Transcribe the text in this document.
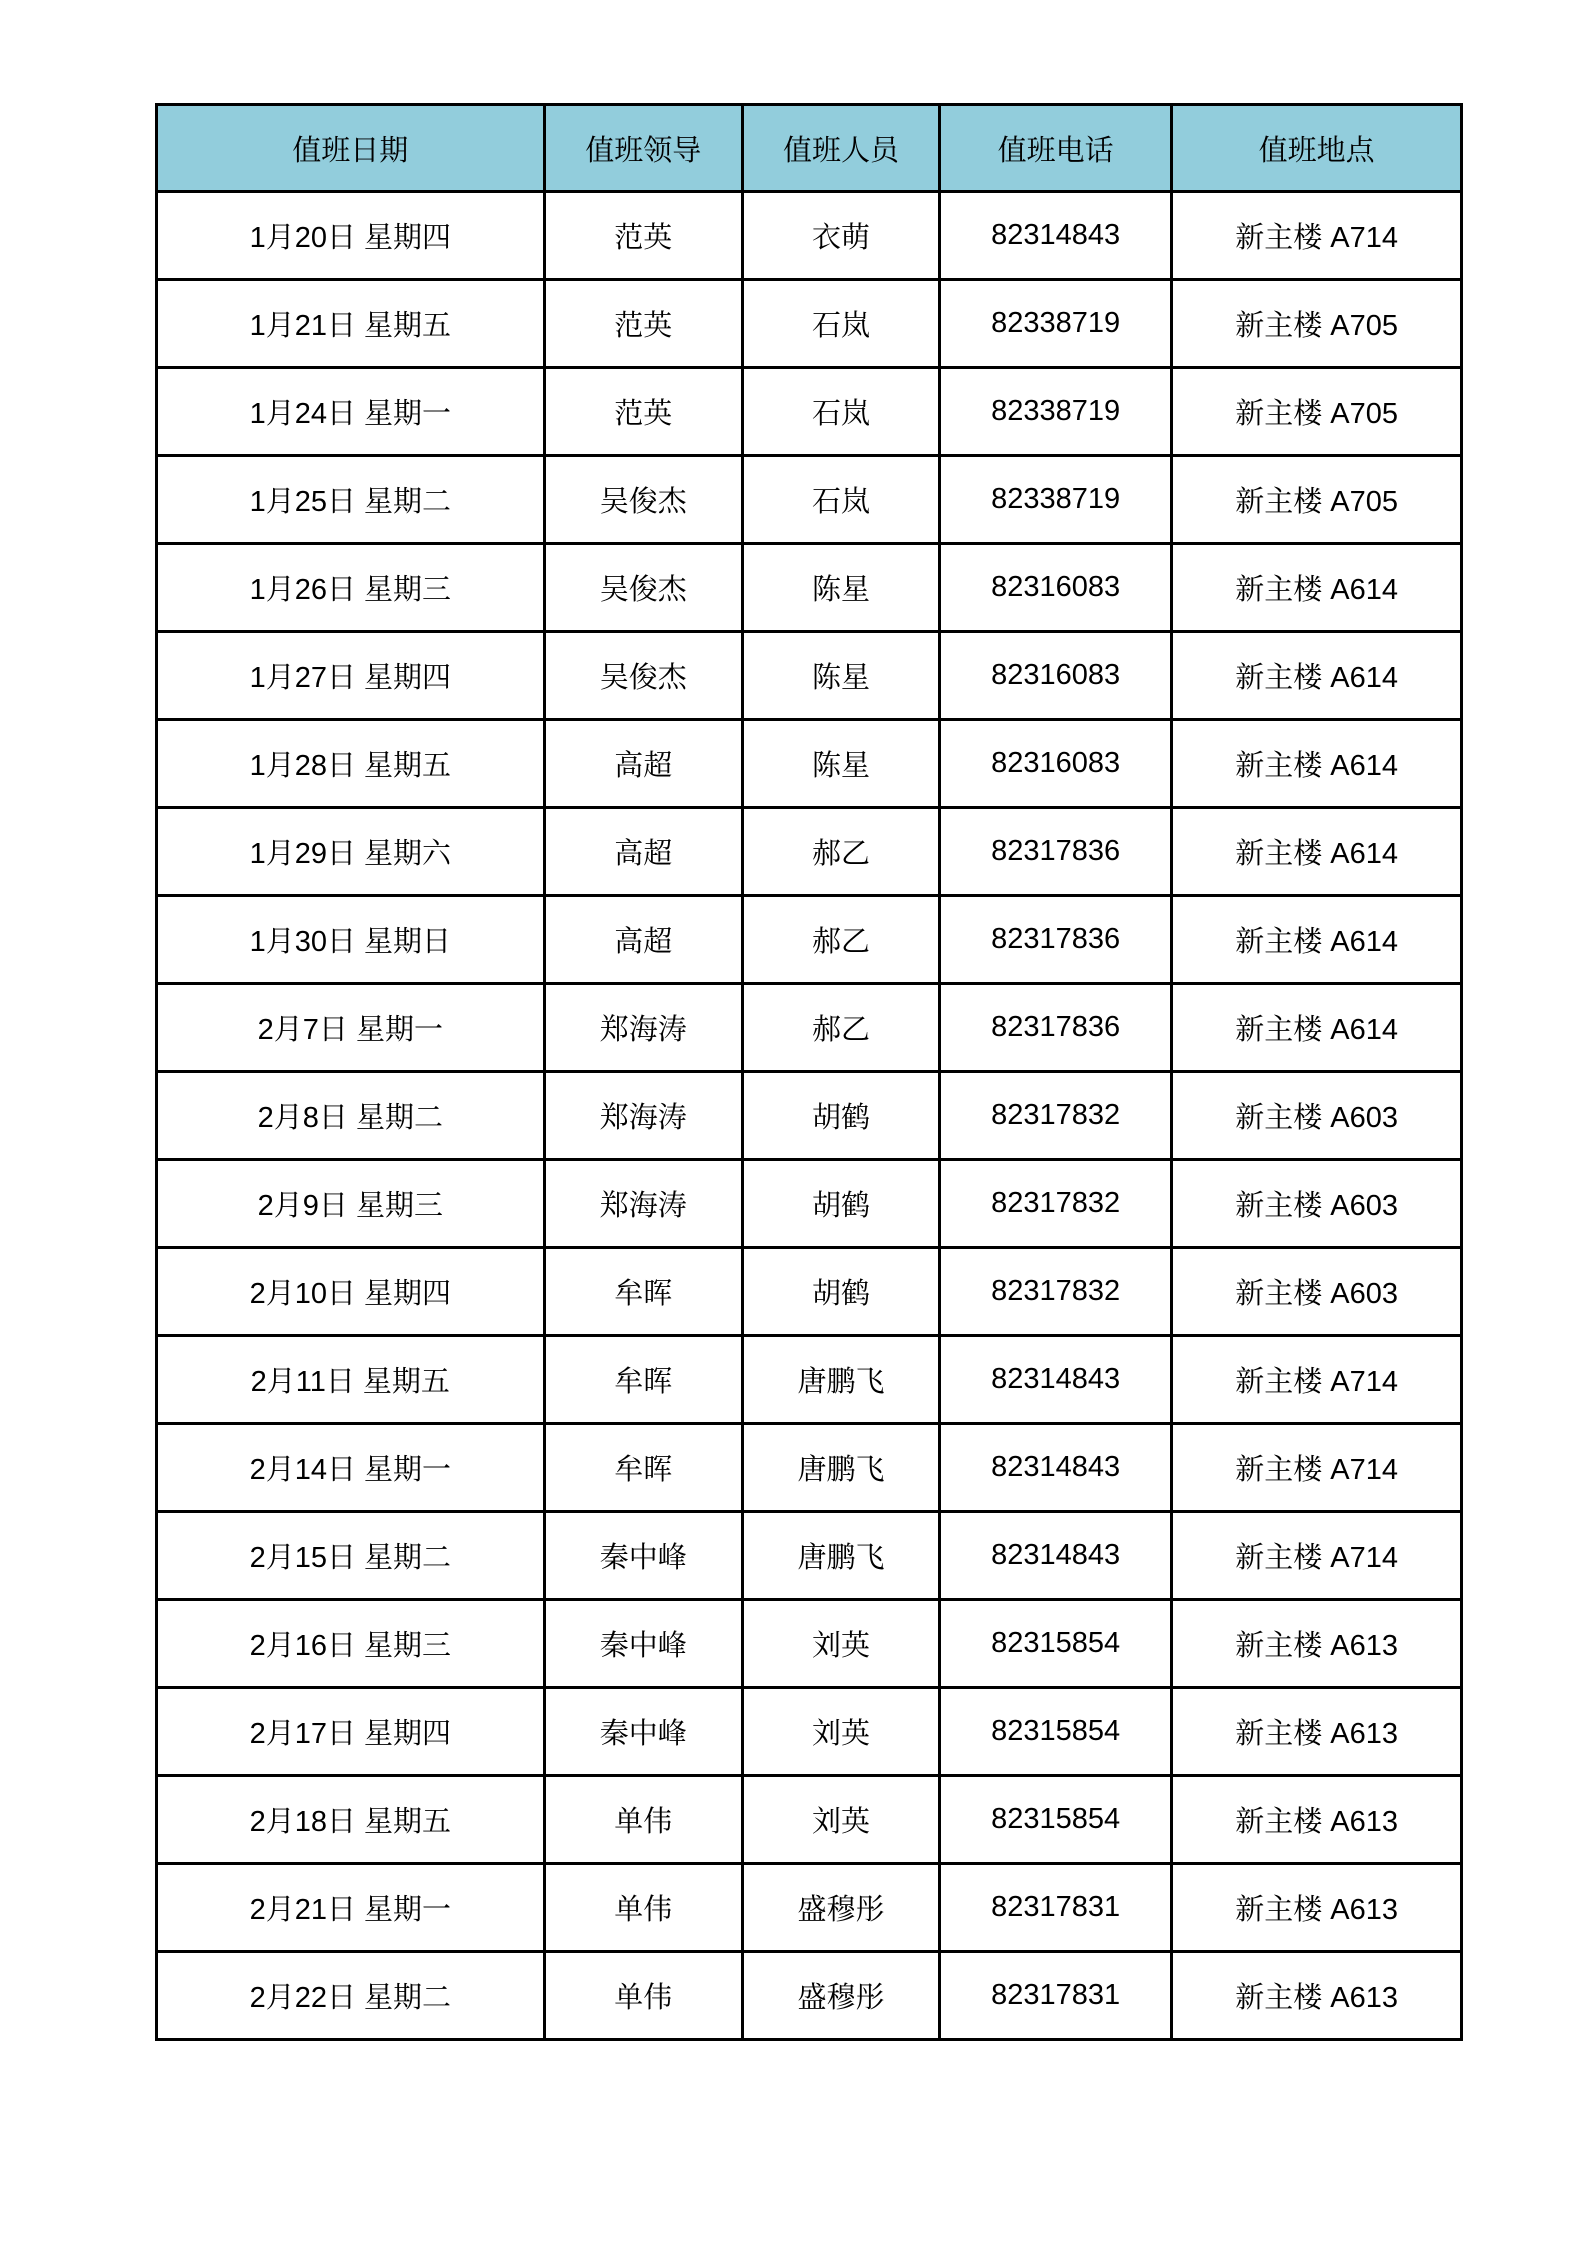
值班日期	值班领导	值班人员	值班电话	值班地点
1月20日 星期四	范英	衣萌	82314843	新主楼 A714
1月21日 星期五	范英	石岚	82338719	新主楼 A705
1月24日 星期一	范英	石岚	82338719	新主楼 A705
1月25日 星期二	吴俊杰	石岚	82338719	新主楼 A705
1月26日 星期三	吴俊杰	陈星	82316083	新主楼 A614
1月27日 星期四	吴俊杰	陈星	82316083	新主楼 A614
1月28日 星期五	高超	陈星	82316083	新主楼 A614
1月29日 星期六	高超	郝乙	82317836	新主楼 A614
1月30日 星期日	高超	郝乙	82317836	新主楼 A614
2月7日 星期一	郑海涛	郝乙	82317836	新主楼 A614
2月8日 星期二	郑海涛	胡鹤	82317832	新主楼 A603
2月9日 星期三	郑海涛	胡鹤	82317832	新主楼 A603
2月10日 星期四	牟晖	胡鹤	82317832	新主楼 A603
2月11日 星期五	牟晖	唐鹏飞	82314843	新主楼 A714
2月14日 星期一	牟晖	唐鹏飞	82314843	新主楼 A714
2月15日 星期二	秦中峰	唐鹏飞	82314843	新主楼 A714
2月16日 星期三	秦中峰	刘英	82315854	新主楼 A613
2月17日 星期四	秦中峰	刘英	82315854	新主楼 A613
2月18日 星期五	单伟	刘英	82315854	新主楼 A613
2月21日 星期一	单伟	盛穆彤	82317831	新主楼 A613
2月22日 星期二	单伟	盛穆彤	82317831	新主楼 A613
